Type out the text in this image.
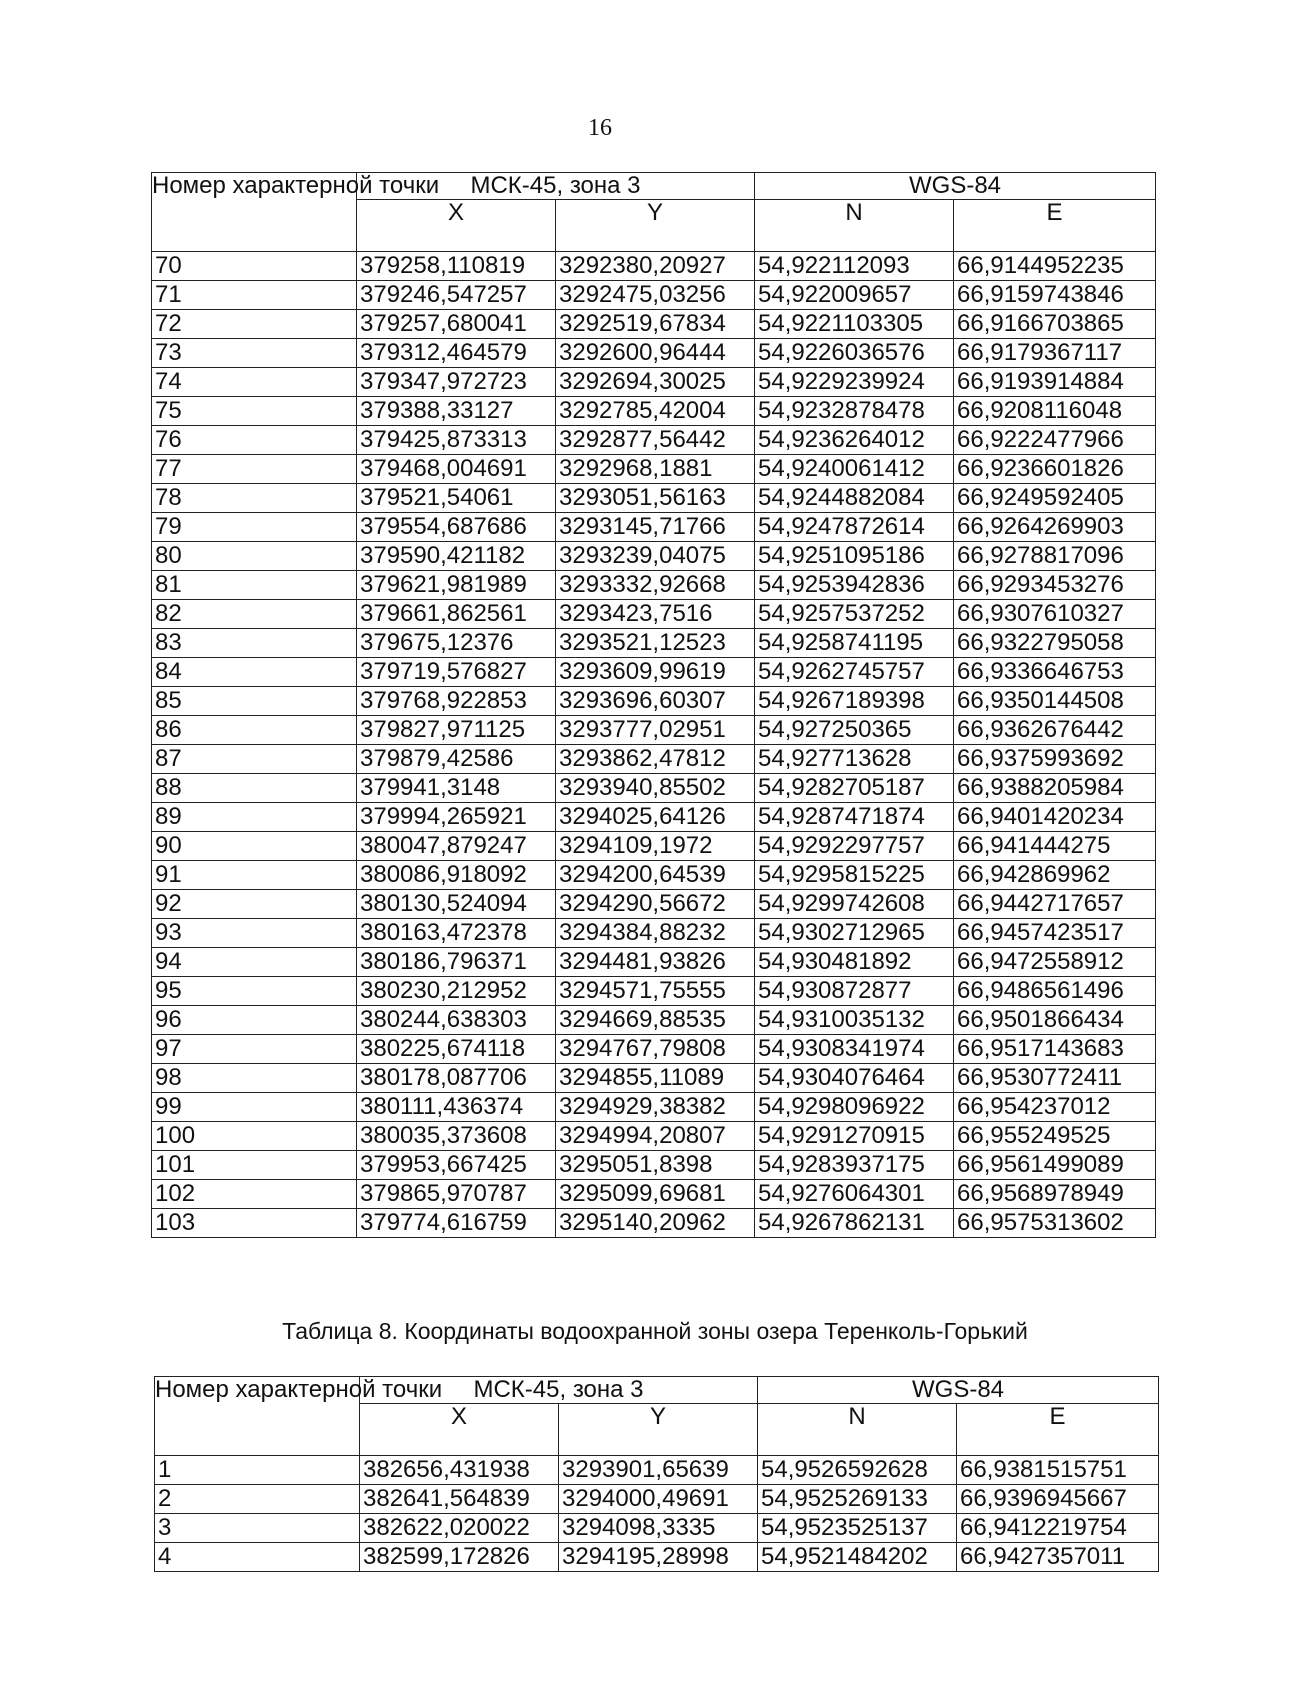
16
Номер характерной точки	МСК-45, зона 3		WGS-84	
	X	Y	N	E
70	379258,110819	3292380,20927	54,922112093	66,9144952235
71	379246,547257	3292475,03256	54,922009657	66,9159743846
72	379257,680041	3292519,67834	54,9221103305	66,9166703865
73	379312,464579	3292600,96444	54,9226036576	66,9179367117
74	379347,972723	3292694,30025	54,9229239924	66,9193914884
75	379388,33127	3292785,42004	54,9232878478	66,9208116048
76	379425,873313	3292877,56442	54,9236264012	66,9222477966
77	379468,004691	3292968,1881	54,9240061412	66,9236601826
78	379521,54061	3293051,56163	54,9244882084	66,9249592405
79	379554,687686	3293145,71766	54,9247872614	66,9264269903
80	379590,421182	3293239,04075	54,9251095186	66,9278817096
81	379621,981989	3293332,92668	54,9253942836	66,9293453276
82	379661,862561	3293423,7516	54,9257537252	66,9307610327
83	379675,12376	3293521,12523	54,9258741195	66,9322795058
84	379719,576827	3293609,99619	54,9262745757	66,9336646753
85	379768,922853	3293696,60307	54,9267189398	66,9350144508
86	379827,971125	3293777,02951	54,927250365	66,9362676442
87	379879,42586	3293862,47812	54,927713628	66,9375993692
88	379941,3148	3293940,85502	54,9282705187	66,9388205984
89	379994,265921	3294025,64126	54,9287471874	66,9401420234
90	380047,879247	3294109,1972	54,9292297757	66,941444275
91	380086,918092	3294200,64539	54,9295815225	66,942869962
92	380130,524094	3294290,56672	54,9299742608	66,9442717657
93	380163,472378	3294384,88232	54,9302712965	66,9457423517
94	380186,796371	3294481,93826	54,930481892	66,9472558912
95	380230,212952	3294571,75555	54,930872877	66,9486561496
96	380244,638303	3294669,88535	54,9310035132	66,9501866434
97	380225,674118	3294767,79808	54,9308341974	66,9517143683
98	380178,087706	3294855,11089	54,9304076464	66,9530772411
99	380111,436374	3294929,38382	54,9298096922	66,954237012
100	380035,373608	3294994,20807	54,9291270915	66,955249525
101	379953,667425	3295051,8398	54,9283937175	66,9561499089
102	379865,970787	3295099,69681	54,9276064301	66,9568978949
103	379774,616759	3295140,20962	54,9267862131	66,9575313602
Таблица 8. Координаты водоохранной зоны озера Теренколь-Горький
Номер характерной точки	МСК-45, зона 3		WGS-84	
	X	Y	N	E
1	382656,431938	3293901,65639	54,9526592628	66,9381515751
2	382641,564839	3294000,49691	54,9525269133	66,9396945667
3	382622,020022	3294098,3335	54,9523525137	66,9412219754
4	382599,172826	3294195,28998	54,9521484202	66,9427357011
